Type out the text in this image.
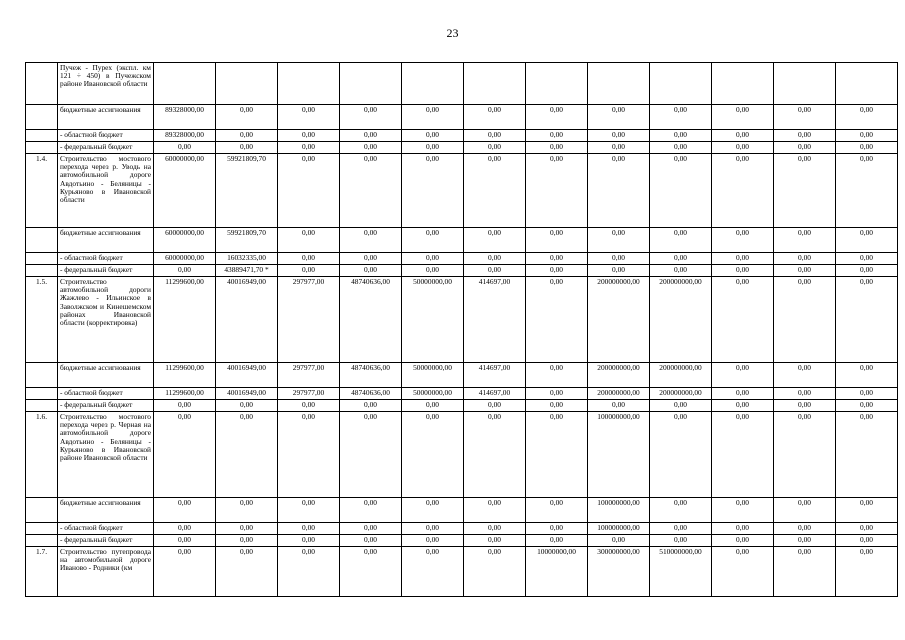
23
	Пучеж - Пурех (экспл. км 121 ÷ 450) в Пучежском районе Ивановской области												
	бюджетные ассигнования	89328000,00	0,00	0,00	0,00	0,00	0,00	0,00	0,00	0,00	0,00	0,00	0,00
	- областной бюджет	89328000,00	0,00	0,00	0,00	0,00	0,00	0,00	0,00	0,00	0,00	0,00	0,00
	- федеральный бюджет	0,00	0,00	0,00	0,00	0,00	0,00	0,00	0,00	0,00	0,00	0,00	0,00
1.4.	Строительство мостового перехода через р. Уводь на автомобильной дороге Авдотьино - Беляницы - Курьяново в Ивановской области	60000000,00	59921809,70	0,00	0,00	0,00	0,00	0,00	0,00	0,00	0,00	0,00	0,00
	бюджетные ассигнования	60000000,00	59921809,70	0,00	0,00	0,00	0,00	0,00	0,00	0,00	0,00	0,00	0,00
	- областной бюджет	60000000,00	16032335,00	0,00	0,00	0,00	0,00	0,00	0,00	0,00	0,00	0,00	0,00
	- федеральный бюджет	0,00	43889471,70 *	0,00	0,00	0,00	0,00	0,00	0,00	0,00	0,00	0,00	0,00
1.5.	Строительство автомобильной дороги Жажлево - Ильинское в Заволжском и Кинешемском районах Ивановской области (корректировка)	11299600,00	40016949,00	297977,00	48740636,00	50000000,00	414697,00	0,00	200000000,00	200000000,00	0,00	0,00	0,00
	бюджетные ассигнования	11299600,00	40016949,00	297977,00	48740636,00	50000000,00	414697,00	0,00	200000000,00	200000000,00	0,00	0,00	0,00
	- областной бюджет	11299600,00	40016949,00	297977,00	48740636,00	50000000,00	414697,00	0,00	200000000,00	200000000,00	0,00	0,00	0,00
	- федеральный бюджет	0,00	0,00	0,00	0,00	0,00	0,00	0,00	0,00	0,00	0,00	0,00	0,00
1.6.	Строительство мостового перехода через р. Черная на автомобильной дороге Авдотьино - Беляницы - Курьяново в Ивановской районе Ивановской области	0,00	0,00	0,00	0,00	0,00	0,00	0,00	100000000,00	0,00	0,00	0,00	0,00
	бюджетные ассигнования	0,00	0,00	0,00	0,00	0,00	0,00	0,00	100000000,00	0,00	0,00	0,00	0,00
	- областной бюджет	0,00	0,00	0,00	0,00	0,00	0,00	0,00	100000000,00	0,00	0,00	0,00	0,00
	- федеральный бюджет	0,00	0,00	0,00	0,00	0,00	0,00	0,00	0,00	0,00	0,00	0,00	0,00
1.7.	Строительство путепровода на автомобильной дороге Иваново - Родники (км	0,00	0,00	0,00	0,00	0,00	0,00	10000000,00	300000000,00	510000000,00	0,00	0,00	0,00
